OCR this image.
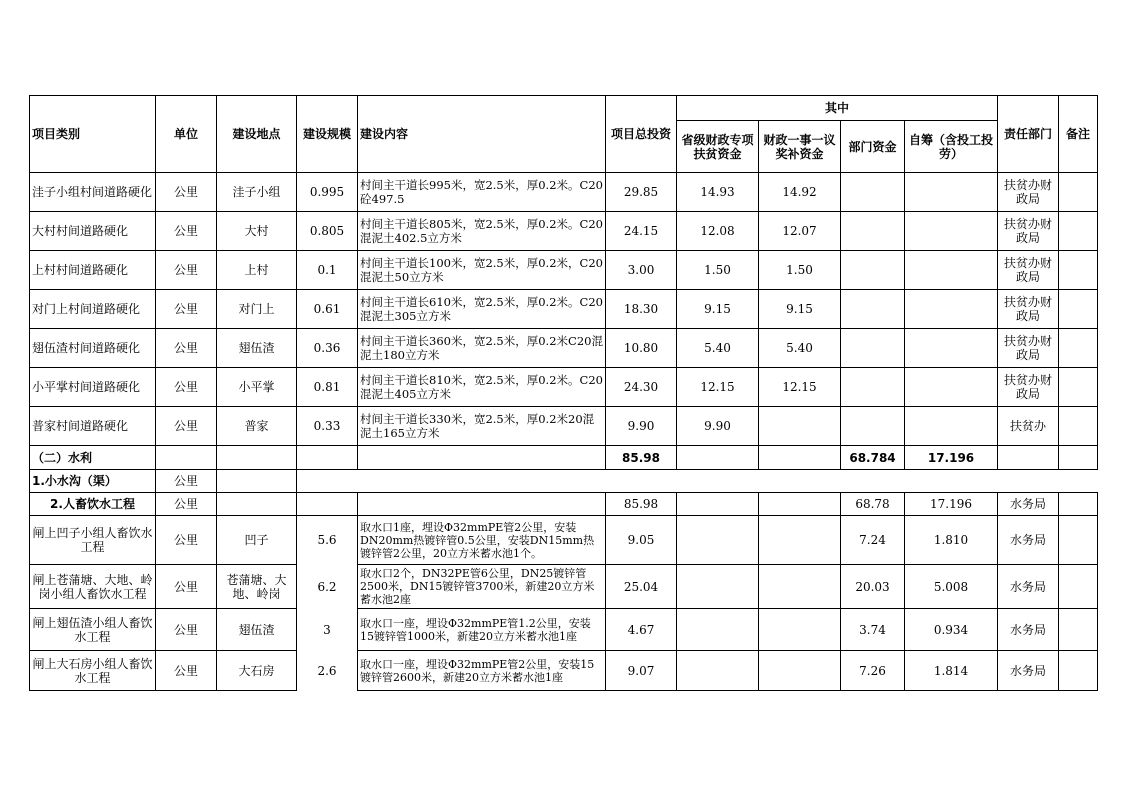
项目类别	单位	建设地点	建设规模	建设内容	项目总投资	其中				责任部门	备注
						省级财政专项扶贫资金	财政一事一议奖补资金	部门资金	自筹（含投工投劳）		
洼子小组村间道路硬化	公里	洼子小组	0.995	村间主干道长995米，宽2.5米，厚0.2米。C20砼497.5	29.85	14.93	14.92			扶贫办财政局	
大村村间道路硬化	公里	大村	0.805	村间主干道长805米，宽2.5米，厚0.2米。C20混泥土402.5立方米	24.15	12.08	12.07			扶贫办财政局	
上村村间道路硬化	公里	上村	0.1	村间主干道长100米，宽2.5米，厚0.2米，C20混泥土50立方米	3.00	1.50	1.50			扶贫办财政局	
对门上村间道路硬化	公里	对门上	0.61	村间主干道长610米，宽2.5米，厚0.2米。C20混泥土305立方米	18.30	9.15	9.15			扶贫办财政局	
翅伍渣村间道路硬化	公里	翅伍渣	0.36	村间主干道长360米，宽2.5米，厚0.2米C20混泥土180立方米	10.80	5.40	5.40			扶贫办财政局	
小平掌村间道路硬化	公里	小平掌	0.81	村间主干道长810米，宽2.5米，厚0.2米。C20混泥土405立方米	24.30	12.15	12.15			扶贫办财政局	
普家村间道路硬化	公里	普家	0.33	村间主干道长330米，宽2.5米，厚0.2米20混泥土165立方米	9.90	9.90				扶贫办	
（二）水利					85.98			68.784	17.196		
1.小水沟（渠）	公里										
2.人畜饮水工程	公里				85.98			68.78	17.196	水务局	
闸上凹子小组人畜饮水工程	公里	凹子	5.6	取水口1座，埋设Φ32mmPE管2公里，安装DN20mm热镀锌管0.5公里，安装DN15mm热镀锌管2公里，20立方米蓄水池1个。	9.05			7.24	1.810	水务局	
闸上苍蒲塘、大地、岭岗小组人畜饮水工程	公里	苍蒲塘、大地、岭岗	6.2	取水口2个，DN32PE管6公里，DN25镀锌管2500米，DN15镀锌管3700米，新建20立方米蓄水池2座	25.04			20.03	5.008	水务局	
闸上翅伍渣小组人畜饮水工程	公里	翅伍渣	3	取水口一座，埋设Φ32mmPE管1.2公里，安装15镀锌管1000米，新建20立方米蓄水池1座	4.67			3.74	0.934	水务局	
闸上大石房小组人畜饮水工程	公里	大石房	2.6	取水口一座，埋设Φ32mmPE管2公里，安装15镀锌管2600米，新建20立方米蓄水池1座	9.07			7.26	1.814	水务局	
